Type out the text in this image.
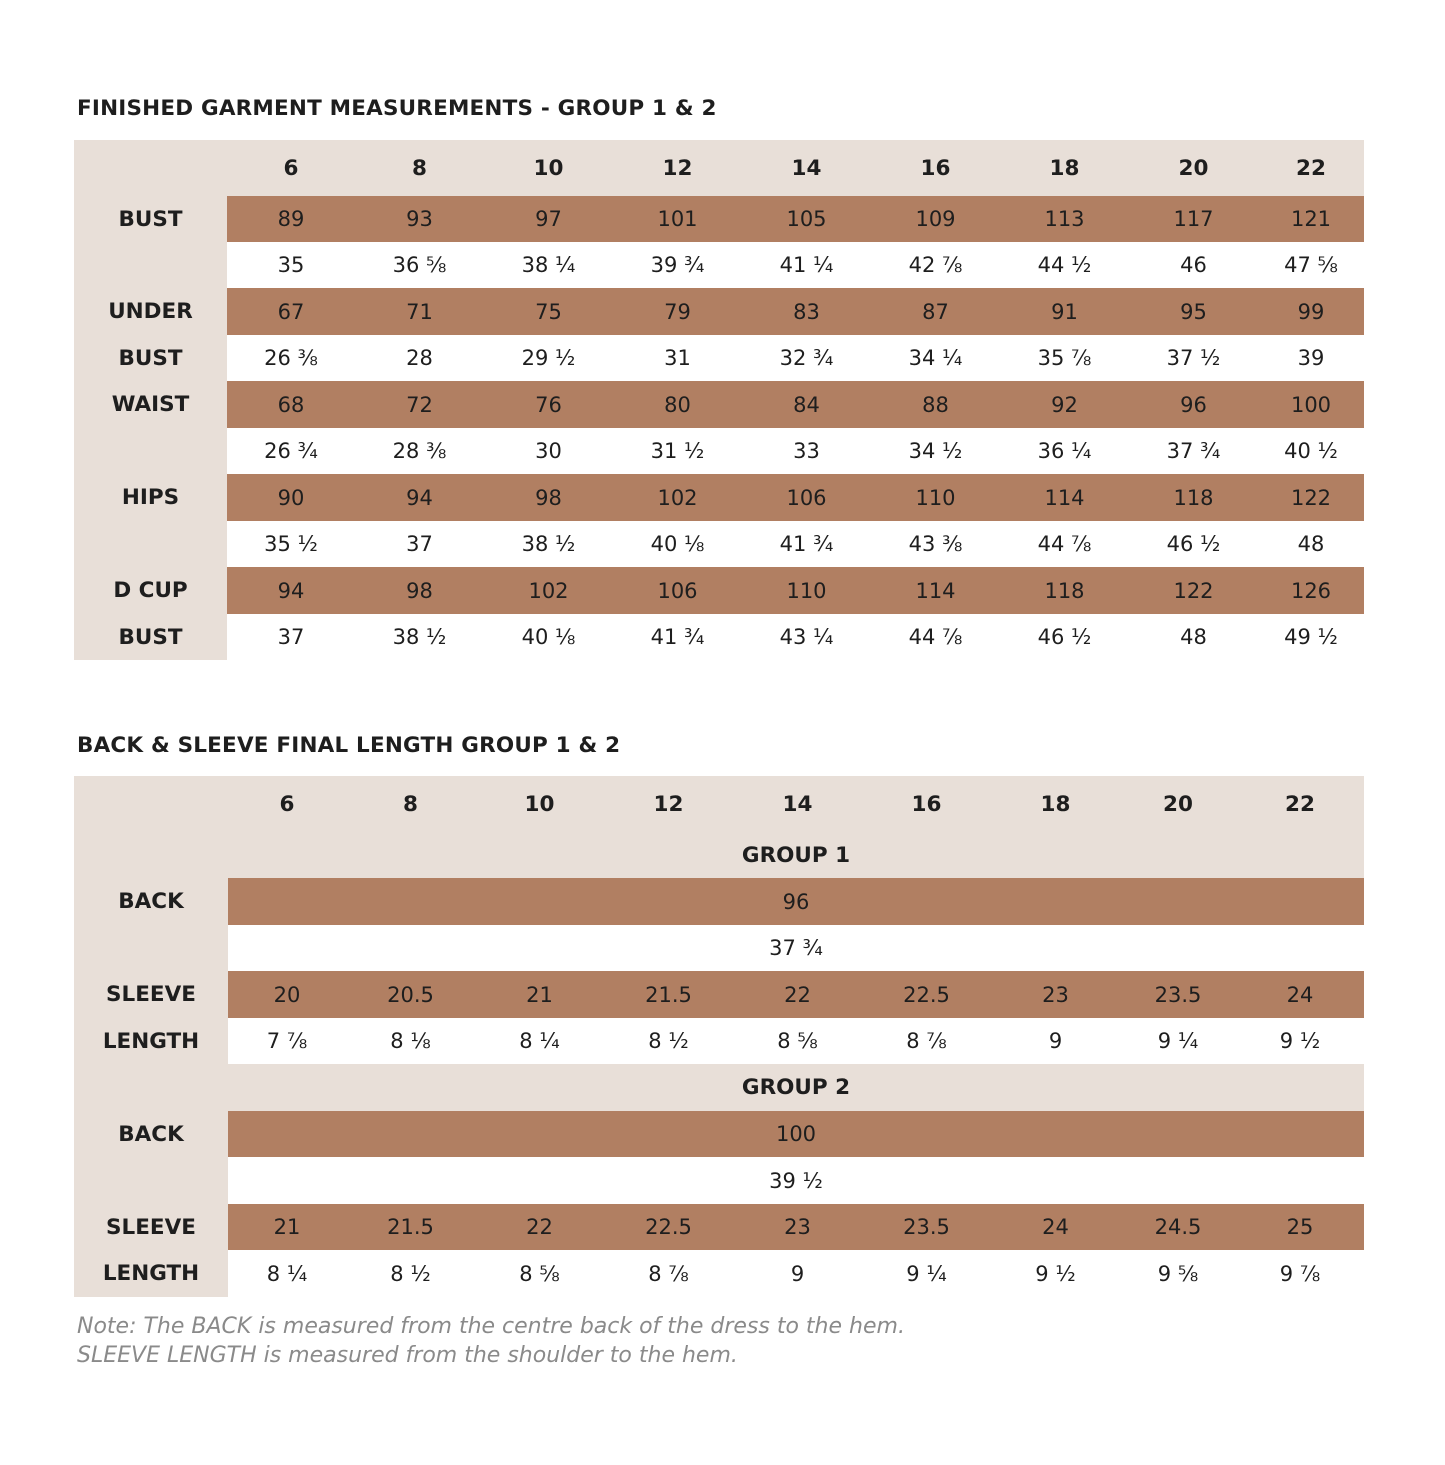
FINISHED GARMENT MEASUREMENTS - GROUP 1 & 2
	6	8	10	12	14	16	18	20	22
BUST	89	93	97	101	105	109	113	117	121
	35	36 ⅝	38 ¼	39 ¾	41 ¼	42 ⅞	44 ½	46	47 ⅝
UNDER	67	71	75	79	83	87	91	95	99
BUST	26 ⅜	28	29 ½	31	32 ¾	34 ¼	35 ⅞	37 ½	39
WAIST	68	72	76	80	84	88	92	96	100
	26 ¾	28 ⅜	30	31 ½	33	34 ½	36 ¼	37 ¾	40 ½
HIPS	90	94	98	102	106	110	114	118	122
	35 ½	37	38 ½	40 ⅛	41 ¾	43 ⅜	44 ⅞	46 ½	48
D CUP	94	98	102	106	110	114	118	122	126
BUST	37	38 ½	40 ⅛	41 ¾	43 ¼	44 ⅞	46 ½	48	49 ½
BACK & SLEEVE FINAL LENGTH GROUP 1 & 2
	6	8	10	12	14	16	18	20	22
	GROUP 1								
BACK	96								
	37 ¾								
SLEEVE	20	20.5	21	21.5	22	22.5	23	23.5	24
LENGTH	7 ⅞	8 ⅛	8 ¼	8 ½	8 ⅝	8 ⅞	9	9 ¼	9 ½
	GROUP 2								
BACK	100								
	39 ½								
SLEEVE	21	21.5	22	22.5	23	23.5	24	24.5	25
LENGTH	8 ¼	8 ½	8 ⅝	8 ⅞	9	9 ¼	9 ½	9 ⅝	9 ⅞

Note: The BACK is measured from the centre back of the dress to the hem.
SLEEVE LENGTH is measured from the shoulder to the hem.
